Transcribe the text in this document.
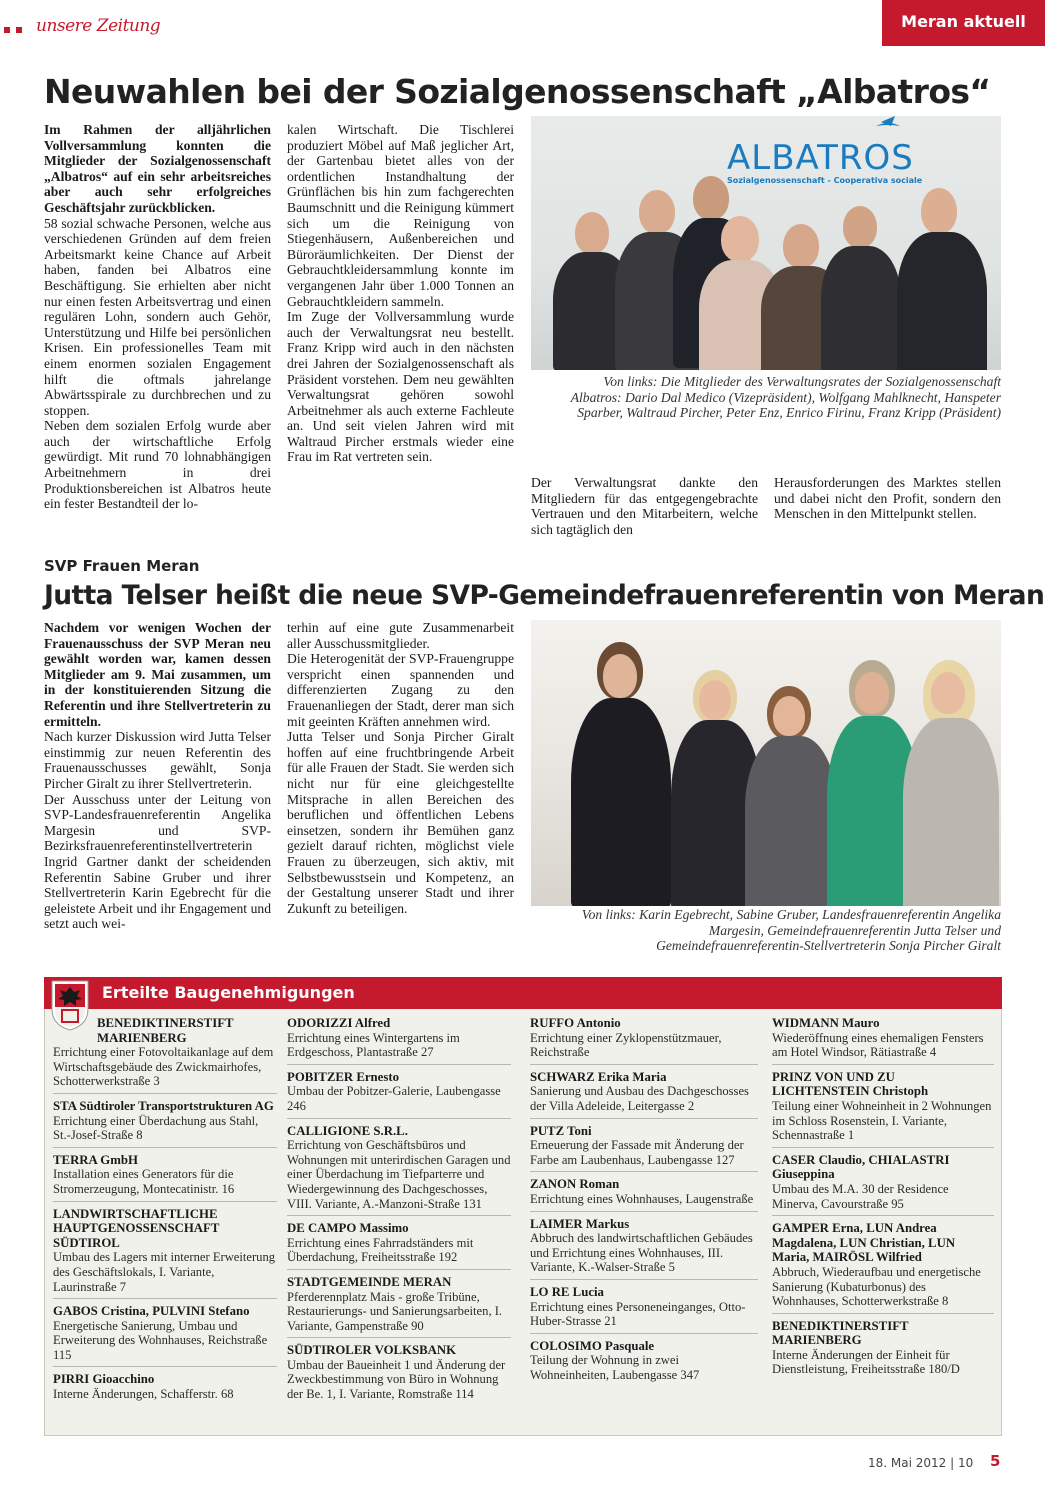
unsere Zeitung	Meran aktuell
Neuwahlen bei der Sozialgenossenschaft „Albatros“

Im Rahmen der alljährlichen Vollversammlung konnten die Mitglieder der Sozialgenossenschaft „Albatros“ auf ein sehr arbeitsreiches aber auch sehr erfolgreiches Geschäftsjahr zurückblicken.

58 sozial schwache Personen, welche aus verschiedenen Gründen auf dem freien Arbeitsmarkt keine Chance auf Arbeit haben, fanden bei Albatros eine Beschäftigung. Sie erhielten aber nicht nur einen festen Arbeitsvertrag und einen regulären Lohn, sondern auch Gehör, Unterstützung und Hilfe bei persönlichen Krisen. Ein professionelles Team mit einem enormen sozialen Engagement hilft die oftmals jahrelange Abwärtsspirale zu durchbrechen und zu stoppen.

Neben dem sozialen Erfolg wurde aber auch der wirtschaftliche Erfolg gewürdigt. Mit rund 70 lohnabhängigen Arbeitnehmern in drei Produktionsbereichen ist Albatros heute ein fester Bestandteil der lo-

kalen Wirtschaft. Die Tischlerei produziert Möbel auf Maß jeglicher Art, der Gartenbau bietet alles von der ordentlichen Instandhaltung der Grünflächen bis hin zum fachgerechten Baumschnitt und die Reinigung kümmert sich um die Reinigung von Stiegenhäusern, Außenbereichen und Büroräumlichkeiten. Der Dienst der Gebrauchtkleidersammlung konnte im vergangenen Jahr über 1.000 Tonnen an Gebrauchtkleidern sammeln.

Im Zuge der Vollversammlung wurde auch der Verwaltungsrat neu bestellt. Franz Kripp wird auch in den nächsten drei Jahren der Sozialgenossenschaft als Präsident vorstehen. Dem neu gewählten Verwaltungsrat gehören sowohl Arbeitnehmer als auch externe Fachleute an. Und seit vielen Jahren wird mit Waltraud Pircher erstmals wieder eine Frau im Rat vertreten sein.

ALBATROS
Sozialgenossenschaft - Cooperativa sociale
Von links: Die Mitglieder des Verwaltungsrates der Sozialgenossenschaft Albatros: Dario Dal Medico (Vizepräsident), Wolfgang Mahlknecht, Hanspeter Sparber, Waltraud Pircher, Peter Enz, Enrico Firinu, Franz Kripp (Präsident)

Der Verwaltungsrat dankte den Mitgliedern für das entgegengebrachte Vertrauen und den Mitarbeitern, welche sich tagtäglich den

Herausforderungen des Marktes stellen und dabei nicht den Profit, sondern den Menschen in den Mittelpunkt stellen.

SVP Frauen Meran
Jutta Telser heißt die neue SVP-Gemeindefrauenreferentin von Meran

Nachdem vor wenigen Wochen der Frauenausschuss der SVP Meran neu gewählt worden war, kamen dessen Mitglieder am 9. Mai zusammen, um in der konstituierenden Sitzung die Referentin und ihre Stellvertreterin zu ermitteln.

Nach kurzer Diskussion wird Jutta Telser einstimmig zur neuen Referentin des Frauenausschusses gewählt, Sonja Pircher Giralt zu ihrer Stellvertreterin.

Der Ausschuss unter der Leitung von SVP-Landesfrauenreferentin Angelika Margesin und SVP-Bezirksfrauenreferentinstellvertreterin Ingrid Gartner dankt der scheidenden Referentin Sabine Gruber und ihrer Stellvertreterin Karin Egebrecht für die geleistete Arbeit und ihr Engagement und setzt auch wei-

terhin auf eine gute Zusammenarbeit aller Ausschussmitglieder.

Die Heterogenität der SVP-Frauengruppe verspricht einen spannenden und differenzierten Zugang zu den Frauenanliegen der Stadt, derer man sich mit geeinten Kräften annehmen wird.

Jutta Telser und Sonja Pircher Giralt hoffen auf eine fruchtbringende Arbeit für alle Frauen der Stadt. Sie werden sich nicht nur für eine gleichgestellte Mitsprache in allen Bereichen des beruflichen und öffentlichen Lebens einsetzen, sondern ihr Bemühen ganz gezielt darauf richten, möglichst viele Frauen zu überzeugen, sich aktiv, mit Selbstbewusstsein und Kompetenz, an der Gestaltung unserer Stadt und ihrer Zukunft zu beteiligen.	Von links: Karin Egebrecht, Sabine Gruber, Landesfrauenreferentin Angelika Margesin, Gemeindefrauenreferentin Jutta Telser und Gemeindefrauenreferentin-Stellvertreterin Sonja Pircher Giralt
Erteilte Baugenehmigungen
BENEDIKTINERSTIFT MARIENBERG
Errichtung einer Fotovoltaikanlage auf dem Wirtschaftsgebäude des Zwickmairhofes, Schotterwerkstraße 3
STA Südtiroler Transportstrukturen AG
Errichtung einer Überdachung aus Stahl, St.-Josef-Straße 8
TERRA GmbH
Installation eines Generators für die Stromerzeugung, Montecatinistr. 16
LANDWIRTSCHAFTLICHE HAUPTGENOSSENSCHAFT SÜDTIROL
Umbau des Lagers mit interner Erweiterung des Geschäftslokals, I. Variante, Laurinstraße 7
GABOS Cristina, PULVINI Stefano
Energetische Sanierung, Umbau und Erweiterung des Wohnhauses, Reichstraße 115
PIRRI Gioacchino
Interne Änderungen, Schafferstr. 68
ODORIZZI Alfred
Errichtung eines Wintergartens im Erdgeschoss, Plantastraße 27
POBITZER Ernesto
Umbau der Pobitzer-Galerie, Laubengasse 246
CALLIGIONE S.R.L.
Errichtung von Geschäftsbüros und Wohnungen mit unterirdischen Garagen und einer Überdachung im Tiefparterre und Wiedergewinnung des Dachgeschosses, VIII. Variante, A.-Manzoni-Straße 131
DE CAMPO Massimo
Errichtung eines Fahrradständers mit Überdachung, Freiheitsstraße 192
STADTGEMEINDE MERAN
Pferderennplatz Mais - große Tribüne, Restaurierungs- und Sanierungsarbeiten, I. Variante, Gampenstraße 90
SÜDTIROLER VOLKSBANK
Umbau der Baueinheit 1 und Änderung der Zweckbestimmung von Büro in Wohnung der Be. 1, I. Variante, Romstraße 114
RUFFO Antonio
Errichtung einer Zyklopenstützmauer, Reichstraße
SCHWARZ Erika Maria
Sanierung und Ausbau des Dachgeschosses der Villa Adeleide, Leitergasse 2
PUTZ Toni
Erneuerung der Fassade mit Änderung der Farbe am Laubenhaus, Laubengasse 127
ZANON Roman
Errichtung eines Wohnhauses, Laugenstraße
LAIMER Markus
Abbruch des landwirtschaftlichen Gebäudes und Errichtung eines Wohnhauses, III. Variante, K.-Walser-Straße 5
LO RE Lucia
Errichtung eines Personeneinganges, Otto-Huber-Strasse 21
COLOSIMO Pasquale
Teilung der Wohnung in zwei Wohneinheiten, Laubengasse 347
WIDMANN Mauro
Wiederöffnung eines ehemaligen Fensters am Hotel Windsor, Rätiastraße 4
PRINZ VON UND ZU LICHTENSTEIN Christoph
Teilung einer Wohneinheit in 2 Wohnungen im Schloss Rosenstein, I. Variante, Schennastraße 1
CASER Claudio, CHIALASTRI Giuseppina
Umbau des M.A. 30 der Residence Minerva, Cavourstraße 95
GAMPER Erna, LUN Andrea Magdalena, LUN Christian, LUN Maria, MAIRÖSL Wilfried
Abbruch, Wiederaufbau und energetische Sanierung (Kubaturbonus) des Wohnhauses, Schotterwerkstraße 8
BENEDIKTINERSTIFT MARIENBERG
Interne Änderungen der Einheit für Dienstleistung, Freiheitsstraße 180/D
18. Mai 2012 | 10 5
